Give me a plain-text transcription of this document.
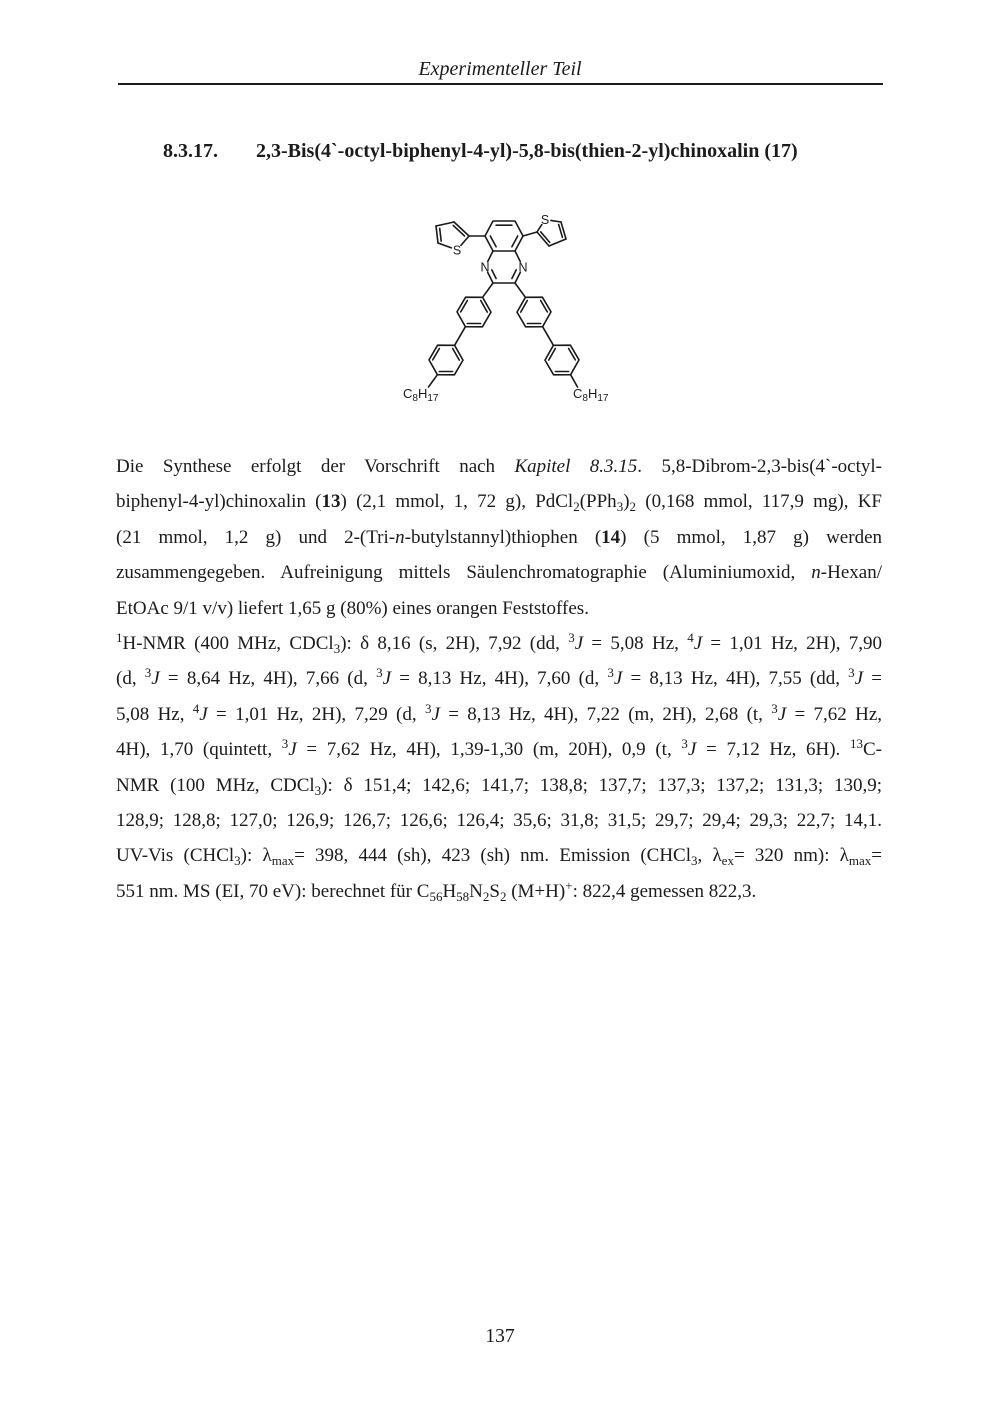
Experimenteller Teil
8.3.17. 2,3-Bis(4`-octyl-biphenyl-4-yl)-5,8-bis(thien-2-yl)chinoxalin (17)
N N
S
S
$C_8H_{17}$	$C_8H_{17}$
Die Synthese erfolgt der Vorschrift nach Kapitel 8.3.15. 5,8-Dibrom-2,3-bis(4`-octyl-
biphenyl-4-yl)chinoxalin (13) (2,1 mmol, 1, 72 g), $PdCl_2(PPh_3)_2$ (0,168 mmol, 117,9 mg), KF
(21 mmol, 1,2 g) und 2-(Tri-n-butylstannyl)thiophen (14) (5 mmol, 1,87 g) werden
zusammengegeben. Aufreinigung mittels Säulenchromatographie (Aluminiumoxid, n-Hexan/
EtOAc 9/1 v/v) liefert 1,65 g (80%) eines orangen Feststoffes.
$^1$H-NMR (400 MHz, CDCl$_3$): δ 8,16 (s, 2H), 7,92 (dd, $^3$J = 5,08 Hz, $^4$J = 1,01 Hz, 2H), 7,90
(d, $^3$J = 8,64 Hz, 4H), 7,66 (d, $^3$J = 8,13 Hz, 4H), 7,60 (d, $^3$J = 8,13 Hz, 4H), 7,55 (dd, $^3$J =
5,08 Hz, $^4$J = 1,01 Hz, 2H), 7,29 (d, $^3$J = 8,13 Hz, 4H), 7,22 (m, 2H), 2,68 (t, $^3$J = 7,62 Hz,
4H), 1,70 (quintett, $^3$J = 7,62 Hz, 4H), 1,39-1,30 (m, 20H), 0,9 (t, $^3$J = 7,12 Hz, 6H). $^{13}$C-
NMR (100 MHz, CDCl$_3$): δ 151,4; 142,6; 141,7; 138,8; 137,7; 137,3; 137,2; 131,3; 130,9;
128,9; 128,8; 127,0; 126,9; 126,7; 126,6; 126,4; 35,6; 31,8; 31,5; 29,7; 29,4; 29,3; 22,7; 14,1.
UV-Vis (CHCl$_3$): $\lambda_{max}= 398$, 444 (sh), 423 (sh) nm. Emission (CHCl$_3$, $\lambda_{ex}= 320$ nm): $\lambda_{max}=$
551 nm. MS (EI, 70 eV): berechnet für $C_{56}H_{58}N_2S_2$ (M+H)+: 822,4 gemessen 822,3.
137
